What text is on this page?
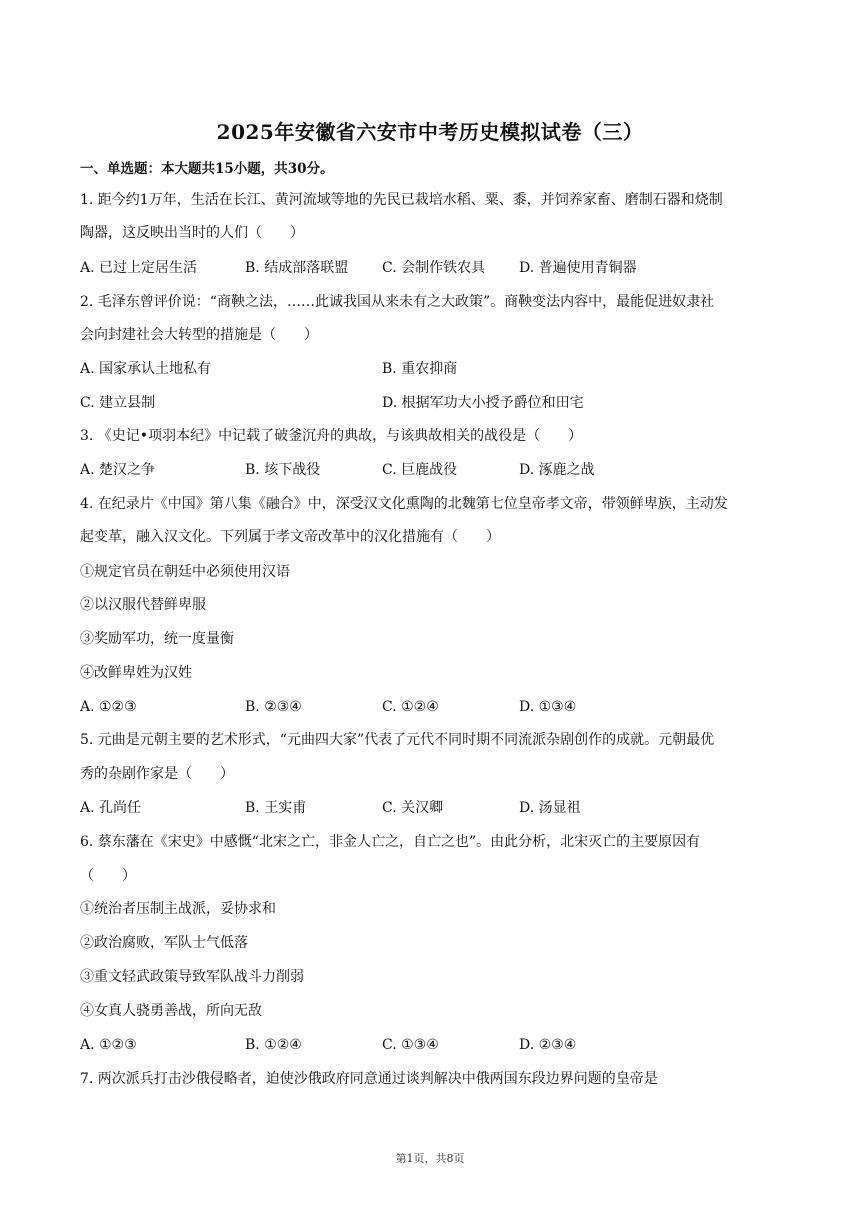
2025年安徽省六安市中考历史模拟试卷（三）
一、单选题：本大题共15小题，共30分。
1. 距今约1万年，生活在长江、黄河流域等地的先民已栽培水稻、粟、黍，并饲养家畜、磨制石器和烧制
陶器，这反映出当时的人们（　　）
A. 已过上定居生活	B. 结成部落联盟 C. 会制作铁农具 D. 普遍使用青铜器
2. 毛泽东曾评价说：“商鞅之法，……此诚我国从来未有之大政策”。商鞅变法内容中，最能促进奴隶社
会向封建社会大转型的措施是（　　）
A. 国家承认土地私有	B. 重农抑商
C. 建立县制	D. 根据军功大小授予爵位和田宅
3. 《史记•项羽本纪》中记载了破釜沉舟的典故，与该典故相关的战役是（　　）
A. 楚汉之争	B. 垓下战役	C. 巨鹿战役	D. 涿鹿之战
4. 在纪录片《中国》第八集《融合》中，深受汉文化熏陶的北魏第七位皇帝孝文帝，带领鲜卑族，主动发
起变革，融入汉文化。下列属于孝文帝改革中的汉化措施有（　　）
①规定官员在朝廷中必须使用汉语
②以汉服代替鲜卑服
③奖励军功，统一度量衡
④改鲜卑姓为汉姓
A. ①②③	B. ②③④	C. ①②④	D. ①③④
5. 元曲是元朝主要的艺术形式，“元曲四大家”代表了元代不同时期不同流派杂剧创作的成就。元朝最优
秀的杂剧作家是（　　）
A. 孔尚任	B. 王实甫	C. 关汉卿	D. 汤显祖
6. 蔡东藩在《宋史》中感慨“北宋之亡，非金人亡之，自亡之也”。由此分析，北宋灭亡的主要原因有
（　　）
①统治者压制主战派，妥协求和
②政治腐败，军队士气低落
③重文轻武政策导致军队战斗力削弱
④女真人骁勇善战，所向无敌
A. ①②③	B. ①②④	C. ①③④	D. ②③④
7. 两次派兵打击沙俄侵略者，迫使沙俄政府同意通过谈判解决中俄两国东段边界问题的皇帝是
第1页，共8页
